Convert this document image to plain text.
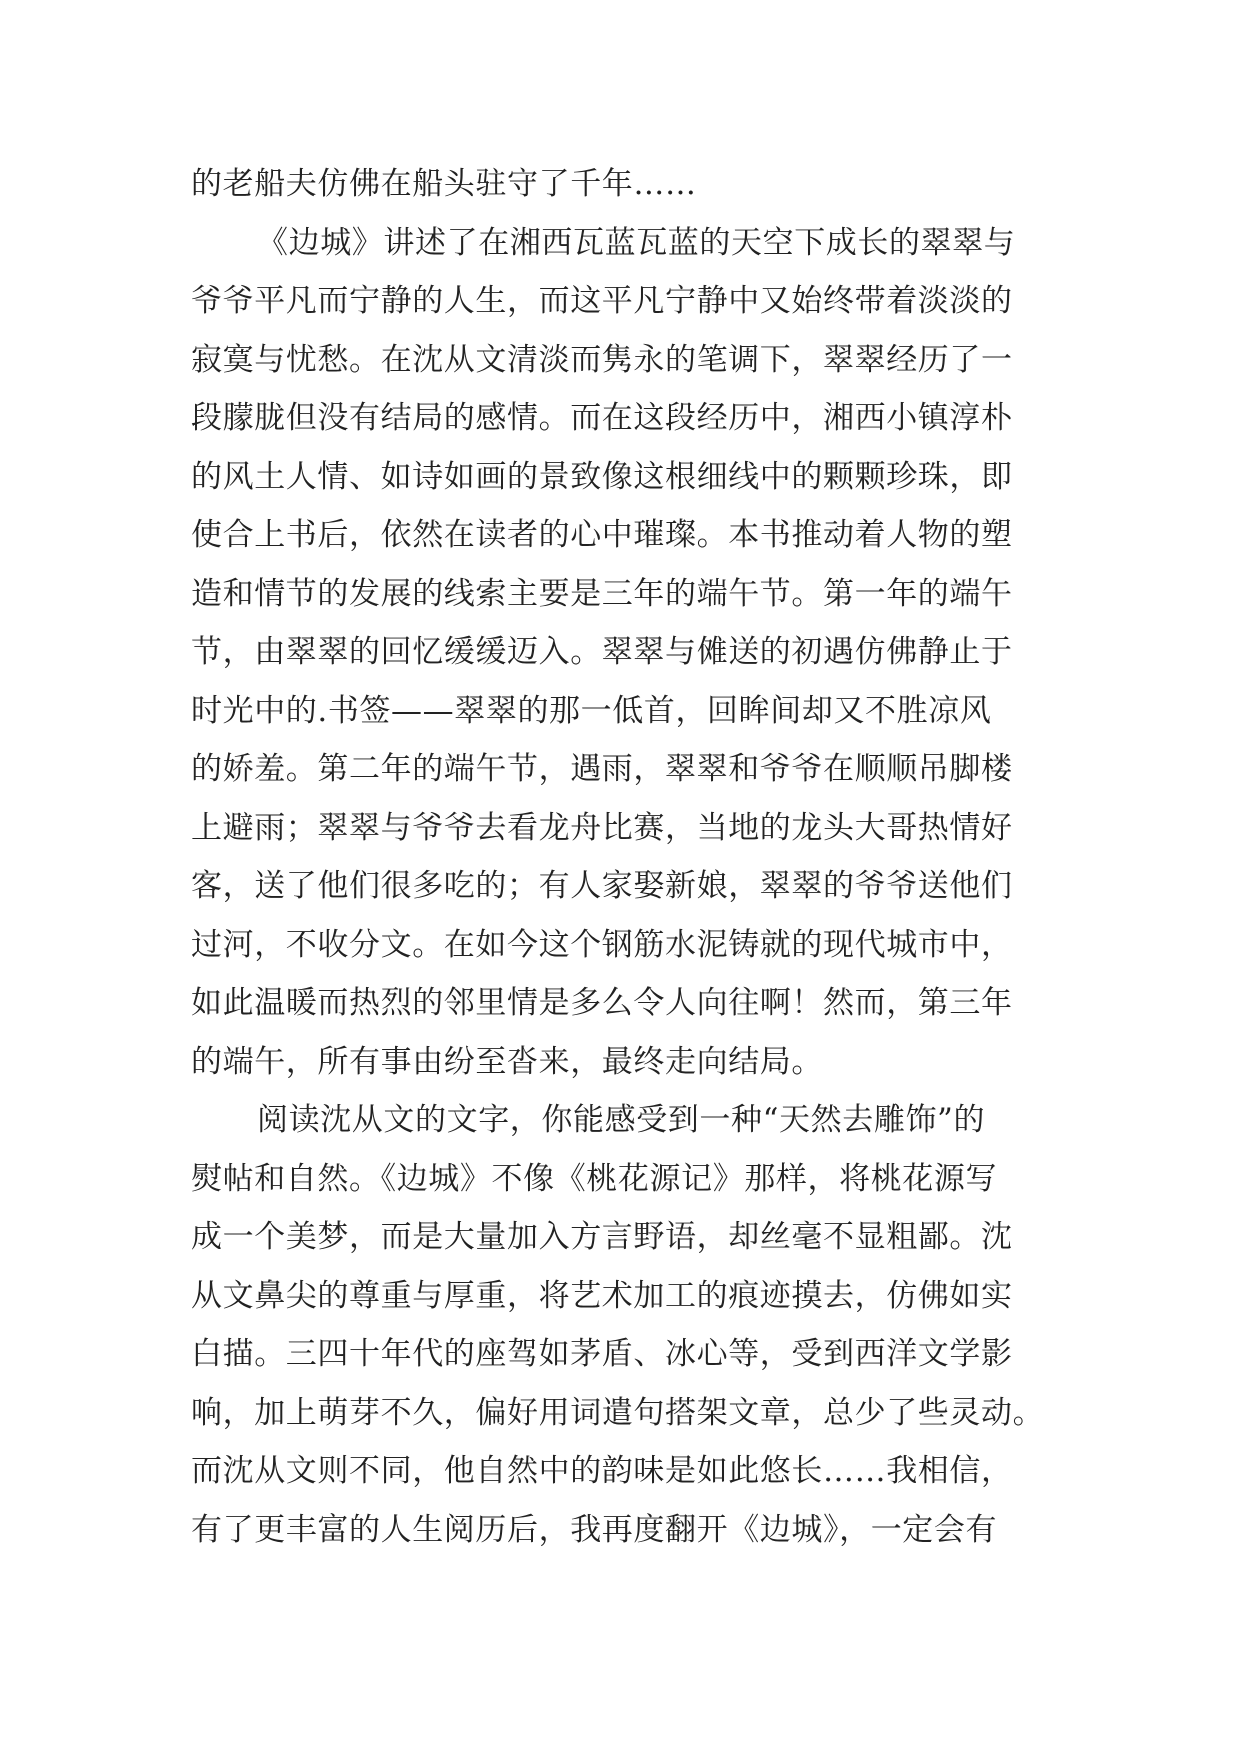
的老船夫仿佛在船头驻守了千年……
《边城》讲述了在湘西瓦蓝瓦蓝的天空下成长的翠翠与
爷爷平凡而宁静的人生，而这平凡宁静中又始终带着淡淡的
寂寞与忧愁。在沈从文清淡而隽永的笔调下，翠翠经历了一
段朦胧但没有结局的感情。而在这段经历中，湘西小镇淳朴
的风土人情、如诗如画的景致像这根细线中的颗颗珍珠，即
使合上书后，依然在读者的心中璀璨。本书推动着人物的塑
造和情节的发展的线索主要是三年的端午节。第一年的端午
节，由翠翠的回忆缓缓迈入。翠翠与傩送的初遇仿佛静止于
时光中的.书签——翠翠的那一低首，回眸间却又不胜凉风
的娇羞。第二年的端午节，遇雨，翠翠和爷爷在顺顺吊脚楼
上避雨；翠翠与爷爷去看龙舟比赛，当地的龙头大哥热情好
客，送了他们很多吃的；有人家娶新娘，翠翠的爷爷送他们
过河，不收分文。在如今这个钢筋水泥铸就的现代城市中，
如此温暖而热烈的邻里情是多么令人向往啊！然而，第三年
的端午，所有事由纷至沓来，最终走向结局。
阅读沈从文的文字，你能感受到一种“天然去雕饰”的
熨帖和自然。《边城》不像《桃花源记》那样，将桃花源写
成一个美梦，而是大量加入方言野语，却丝毫不显粗鄙。沈
从文鼻尖的尊重与厚重，将艺术加工的痕迹摸去，仿佛如实
白描。三四十年代的座驾如茅盾、冰心等，受到西洋文学影
响，加上萌芽不久，偏好用词遣句搭架文章，总少了些灵动。
而沈从文则不同，他自然中的韵味是如此悠长……我相信，
有了更丰富的人生阅历后，我再度翻开《边城》，一定会有
